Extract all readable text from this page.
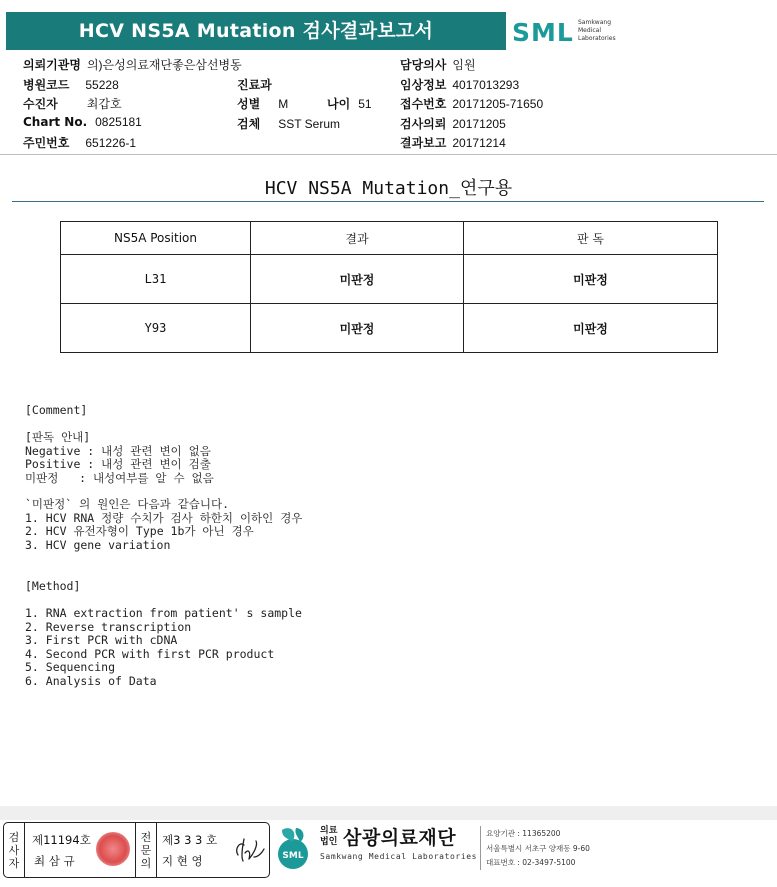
HCV NS5A Mutation 검사결과보고서	SML Samkwang
Medical
Laboratories
의뢰기관명 의)은성의료재단좋은삼선병동
병원코드 55228
수진자 최갑호
Chart No. 0825181
주민번호 651226-1
진료과
성별 M	나이 51
검체 SST Serum
담당의사 임원
임상정보 4017013293
접수번호 20171205-71650
검사의뢰 20171205
결과보고 20171214
HCV NS5A Mutation_연구용
NS5A Position	결과	판 독
L31	미판정	미판정
Y93	미판정	미판정
[Comment]
[판독 안내]
Negative : 내성 관련 변이 없음
Positive : 내성 관련 변이 검출
미판정   : 내성여부를 알 수 없음
`미판정` 의 원인은 다음과 같습니다.
1. HCV RNA 정량 수치가 검사 하한치 이하인 경우
2. HCV 유전자형이 Type 1b가 아닌 경우
3. HCV gene variation
[Method]
1. RNA extraction from patient' s sample
2. Reverse transcription
3. First PCR with cDNA
4. Second PCR with first PCR product
5. Sequencing
6. Analysis of Data
검
사
자
제11194호
최 삼 규
전
문
의
제3 3 3 호
지 현 영	SML
의료
법인 삼광의료재단
Samkwang Medical Laboratories
요양기관 : 11365200
서울특별시 서초구 양재동 9-60
대표번호 : 02-3497-5100
